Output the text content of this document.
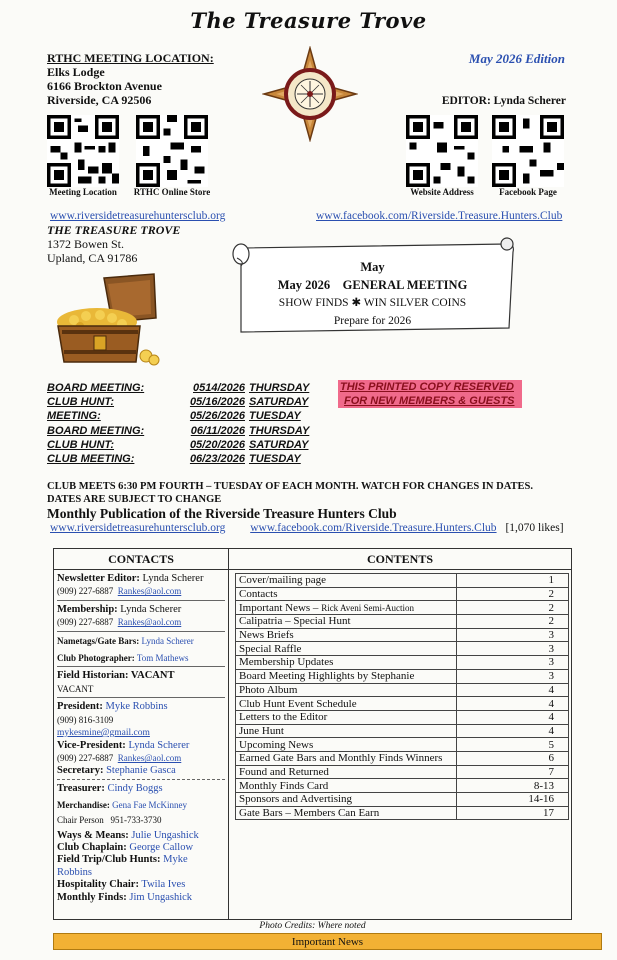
The Treasure Trove
RTHC MEETING LOCATION:
Elks Lodge
6166 Brockton Avenue
Riverside, CA 92506
May 2026 Edition
EDITOR: Lynda Scherer
Meeting Location	RTHC Online Store	Website Address	Facebook Page
www.riversidetreasurehuntersclub.org	www.facebook.com/Riverside.Treasure.Hunters.Club
THE TREASURE TROVE
1372 Bowen St.
Upland, CA 91786
May
May 2026 GENERAL MEETING
SHOW FINDS ✱ WIN SILVER COINS
Prepare for 2026
BOARD MEETING:	0514/2026 THURSDAY
CLUB HUNT:	05/16/2026 SATURDAY
MEETING:	05/26/2026 TUESDAY
BOARD MEETING:	06/11/2026 THURSDAY
CLUB HUNT:	05/20/2026 SATURDAY
CLUB MEETING:	06/23/2026 TUESDAY
THIS PRINTED COPY RESERVED
FOR NEW MEMBERS & GUESTS
CLUB MEETS 6:30 PM FOURTH – TUESDAY OF EACH MONTH. WATCH FOR CHANGES IN DATES. DATES ARE SUBJECT TO CHANGE
Monthly Publication of the Riverside Treasure Hunters Club
www.riversidetreasurehuntersclub.org www.facebook.com/Riverside.Treasure.Hunters.Club [1,070 likes]
CONTACTS	CONTENTS
Newsletter Editor: Lynda Scherer
(909) 227-6887 Rankes@aol.com
Membership: Lynda Scherer
(909) 227-6887 Rankes@aol.com
Nametags/Gate Bars: Lynda Scherer
Club Photographer: Tom Mathews
Field Historian: VACANT
VACANT
President: Myke Robbins
(909) 816-3109
mykesmine@gmail.com
Vice-President: Lynda Scherer
(909) 227-6887 Rankes@aol.com
Secretary: Stephanie Gasca
Treasurer: Cindy Boggs
Merchandise: Gena Fae McKinney
Chair Person 951-733-3730
Ways & Means: Julie Ungashick
Club Chaplain: George Callow
Field Trip/Club Hunts: Myke Robbins
Hospitality Chair: Twila Ives
Monthly Finds: Jim Ungashick
Cover/mailing page	1
Contacts	2
Important News – Rick Aveni Semi-Auction	2
Calipatria – Special Hunt	2
News Briefs	3
Special Raffle	3
Membership Updates	3
Board Meeting Highlights by Stephanie	3
Photo Album	4
Club Hunt Event Schedule	4
Letters to the Editor	4
June Hunt	4
Upcoming News	5
Earned Gate Bars and Monthly Finds Winners	6
Found and Returned	7
Monthly Finds Card	8-13
Sponsors and Advertising	14-16
Gate Bars – Members Can Earn	17
Photo Credits: Where noted
Important News
